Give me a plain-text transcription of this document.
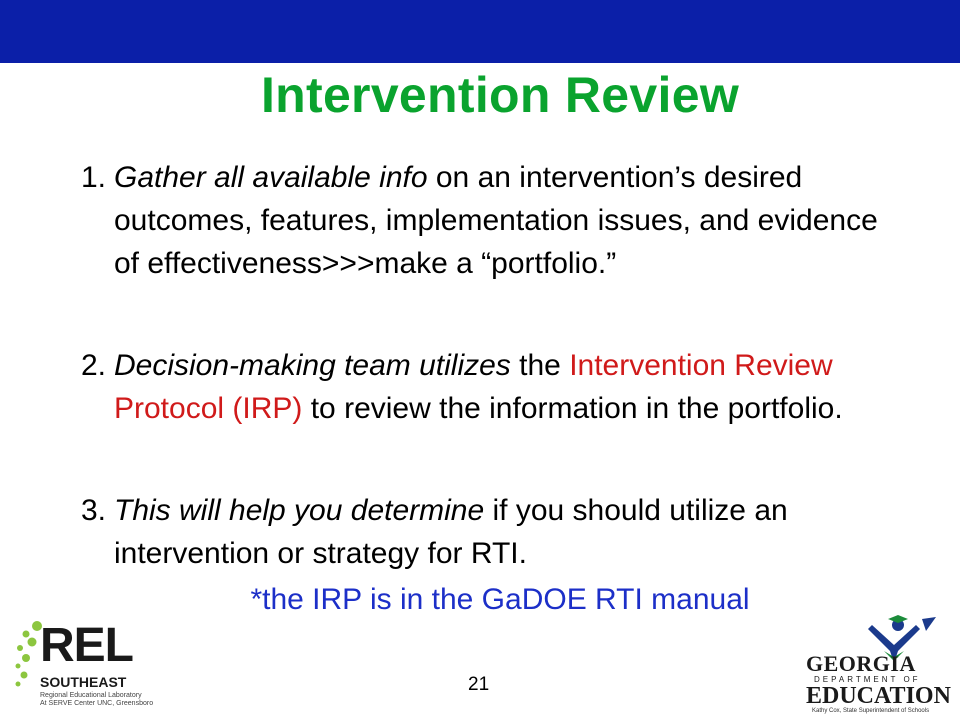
Intervention Review
1. Gather all available info on an intervention’s desired outcomes, features, implementation issues, and evidence of effectiveness>>>make a “portfolio.”
2. Decision-making team utilizes the Intervention Review Protocol (IRP) to review the information in the portfolio.
3. This will help you determine if you should utilize an intervention or strategy for RTI.
*the IRP is in the GaDOE RTI manual
21
REL
SOUTHEAST
Regional Educational Laboratory
At SERVE Center UNC, Greensboro
GEORGIA
DEPARTMENT OF
EDUCATION
Kathy Cox, State Superintendent of Schools
